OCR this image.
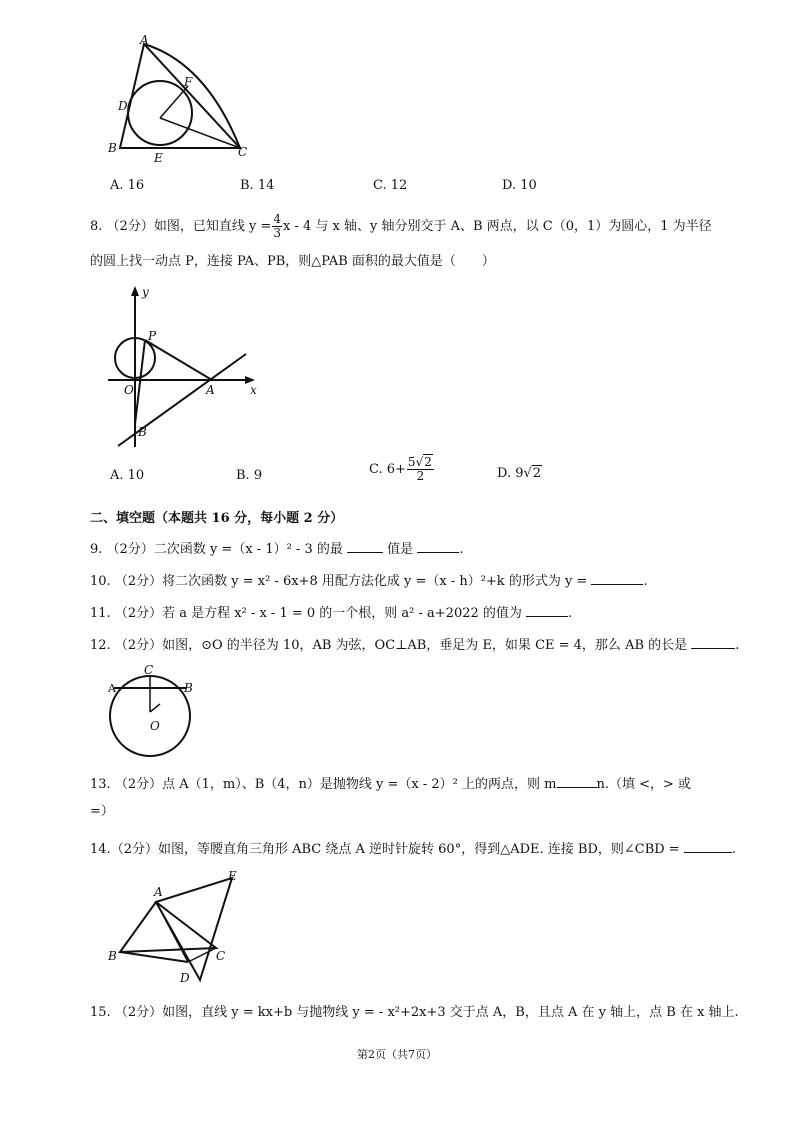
A
F
D
B
E	C
A. 16	B. 14	C. 12	D. 10
8. （2分）如图，已知直线 $y = \frac{4}{3}$ x - 4 与 x 轴、y 轴分别交于 A、B 两点，以 C（0，1）为圆心，1 为半径
的圆上找一动点 P，连接 PA、PB，则△PAB 面积的最大值是（　　）
y
P
O	A	x
B
A. 10	B. 9	C. $6+ \frac{5√2}{2}$	D. 9√2
二、填空题（本题共 16 分，每小题 2 分）
9. （2分）二次函数 y =（x - 1）² - 3 的最	值是	.
10. （2分）将二次函数 y = x² - 6x+8 用配方法化成 y =（x - h）²+k 的形式为 y =	.
11. （2分）若 a 是方程 x² - x - 1 = 0 的一个根，则 a² - a+2022 的值为	.
12. （2分）如图，⊙O 的半径为 10，AB 为弦，OC⊥AB，垂足为 E，如果 CE = 4，那么 AB 的长是	.
C
A	B
O
13. （2分）点 A（1，m）、B（4，n）是抛物线 y =（x - 2）² 上的两点，则 m	n.（填 <，> 或
=）
14.（2分）如图，等腰直角三角形 ABC 绕点 A 逆时针旋转 60°，得到△ADE. 连接 BD，则∠CBD =	.
E
A
B	C
D
15. （2分）如图，直线 y = kx+b 与抛物线 y = - x²+2x+3 交于点 A，B，且点 A 在 y 轴上，点 B 在 x 轴上.
第2页（共7页）
